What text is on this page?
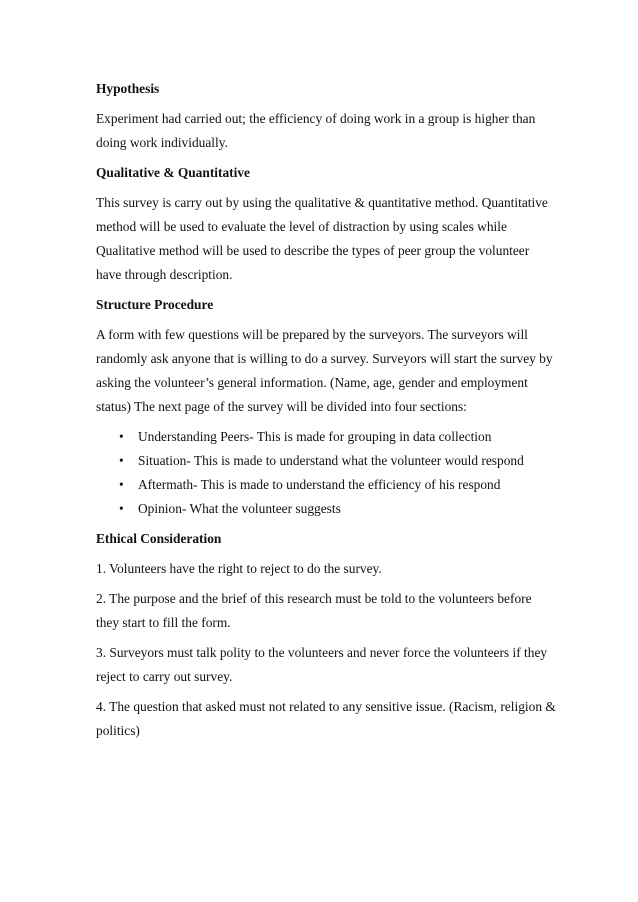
Hypothesis
Experiment had carried out; the efficiency of doing work in a group is higher than doing work individually.
Qualitative & Quantitative
This survey is carry out by using the qualitative & quantitative method. Quantitative method will be used to evaluate the level of distraction by using scales while Qualitative method will be used to describe the types of peer group the volunteer have through description.
Structure Procedure
A form with few questions will be prepared by the surveyors. The surveyors will randomly ask anyone that is willing to do a survey. Surveyors will start the survey by asking the volunteer’s general information. (Name, age, gender and employment status) The next page of the survey will be divided into four sections:
• Understanding Peers- This is made for grouping in data collection
• Situation- This is made to understand what the volunteer would respond
• Aftermath- This is made to understand the efficiency of his respond
• Opinion- What the volunteer suggests
Ethical Consideration
1. Volunteers have the right to reject to do the survey.
2. The purpose and the brief of this research must be told to the volunteers before they start to fill the form.
3. Surveyors must talk polity to the volunteers and never force the volunteers if they reject to carry out survey.
4. The question that asked must not related to any sensitive issue. (Racism, religion & politics)
